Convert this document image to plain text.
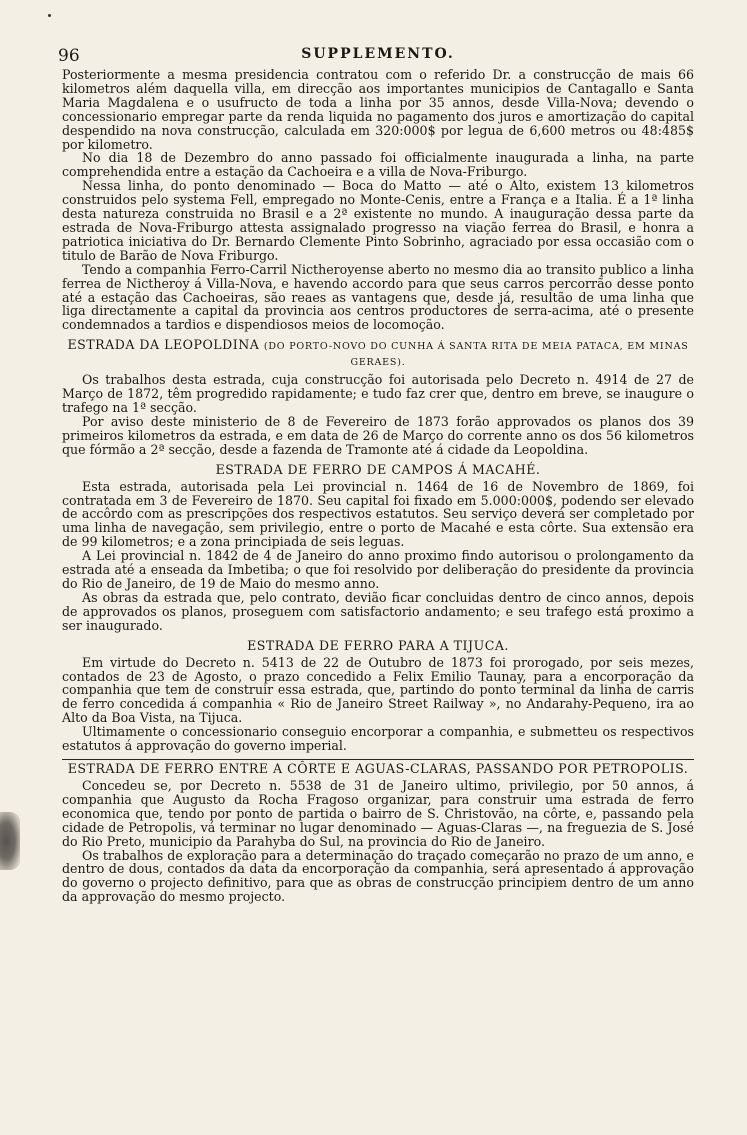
96	SUPPLEMENTO.

Posteriormente a mesma presidencia contratou com o referido Dr. a construcção de mais 66 kilometros além daquella villa, em direcção aos importantes municipios de Cantagallo e Santa Maria Magdalena e o usufructo de toda a linha por 35 annos, desde Villa-Nova; devendo o concessionario empregar parte da renda liquida no pagamento dos juros e amortização do capital despendido na nova construcção, calculada em 320:000$ por legua de 6,600 metros ou 48:485$ por kilometro.

No dia 18 de Dezembro do anno passado foi officialmente inaugurada a linha, na parte comprehendida entre a estação da Cachoeira e a villa de Nova-Friburgo.

Nessa linha, do ponto denominado — Boca do Matto — até o Alto, existem 13 kilometros construidos pelo systema Fell, empregado no Monte-Cenis, entre a França e a Italia. É a 1ª linha desta natureza construida no Brasil e a 2ª existente no mundo. A inauguração dessa parte da estrada de Nova-Friburgo attesta assignalado progresso na viação ferrea do Brasil, e honra a patriotica iniciativa do Dr. Bernardo Clemente Pinto Sobrinho, agraciado por essa occasião com o titulo de Barão de Nova Friburgo.

Tendo a companhia Ferro-Carril Nictheroyense aberto no mesmo dia ao transito publico a linha ferrea de Nictheroy á Villa-Nova, e havendo accordo para que seus carros percorrão desse ponto até a estação das Cachoeiras, são reaes as vantagens que, desde já, resultão de uma linha que liga directamente a capital da provincia aos centros productores de serra-acima, até o presente condemnados a tardios e dispendiosos meios de locomoção.

ESTRADA DA LEOPOLDINA (DO PORTO-NOVO DO CUNHA Á SANTA RITA DE MEIA PATACA, EM MINAS GERAES).

Os trabalhos desta estrada, cuja construcção foi autorisada pelo Decreto n. 4914 de 27 de Março de 1872, têm progredido rapidamente; e tudo faz crer que, dentro em breve, se inaugure o trafego na 1ª secção.

Por aviso deste ministerio de 8 de Fevereiro de 1873 forão approvados os planos dos 39 primeiros kilometros da estrada, e em data de 26 de Março do corrente anno os dos 56 kilometros que fórmão a 2ª secção, desde a fazenda de Tramonte até á cidade da Leopoldina.

ESTRADA DE FERRO DE CAMPOS Á MACAHÉ.

Esta estrada, autorisada pela Lei provincial n. 1464 de 16 de Novembro de 1869, foi contratada em 3 de Fevereiro de 1870. Seu capital foi fixado em 5.000:000$, podendo ser elevado de accôrdo com as prescripções dos respectivos estatutos. Seu serviço deverá ser completado por uma linha de navegação, sem privilegio, entre o porto de Macahé e esta côrte. Sua extensão era de 99 kilometros; e a zona principiada de seis leguas.

A Lei provincial n. 1842 de 4 de Janeiro do anno proximo findo autorisou o prolongamento da estrada até a enseada da Imbetiba; o que foi resolvido por deliberação do presidente da provincia do Rio de Janeiro, de 19 de Maio do mesmo anno.

As obras da estrada que, pelo contrato, devião ficar concluidas dentro de cinco annos, depois de approvados os planos, proseguem com satisfactorio andamento; e seu trafego está proximo a ser inaugurado.

ESTRADA DE FERRO PARA A TIJUCA.

Em virtude do Decreto n. 5413 de 22 de Outubro de 1873 foi prorogado, por seis mezes, contados de 23 de Agosto, o prazo concedido a Felix Emilio Taunay, para a encorporação da companhia que tem de construir essa estrada, que, partindo do ponto terminal da linha de carris de ferro concedida á companhia « Rio de Janeiro Street Railway », no Andarahy-Pequeno, ira ao Alto da Boa Vista, na Tijuca.

Ultimamente o concessionario conseguio encorporar a companhia, e submetteu os respectivos estatutos á approvação do governo imperial.

ESTRADA DE FERRO ENTRE A CÔRTE E AGUAS-CLARAS, PASSANDO POR PETROPOLIS.

Concedeu se, por Decreto n. 5538 de 31 de Janeiro ultimo, privilegio, por 50 annos, á companhia que Augusto da Rocha Fragoso organizar, para construir uma estrada de ferro economica que, tendo por ponto de partida o bairro de S. Christovão, na côrte, e, passando pela cidade de Petropolis, vá terminar no lugar denominado — Aguas-Claras —, na freguezia de S. José do Rio Preto, municipio da Parahyba do Sul, na provincia do Rio de Janeiro.

Os trabalhos de exploração para a determinação do traçado começarão no prazo de um anno, e dentro de dous, contados da data da encorporação da companhia, será apresentado á approvação do governo o projecto definitivo, para que as obras de construcção principiem dentro de um anno da approvação do mesmo projecto.
